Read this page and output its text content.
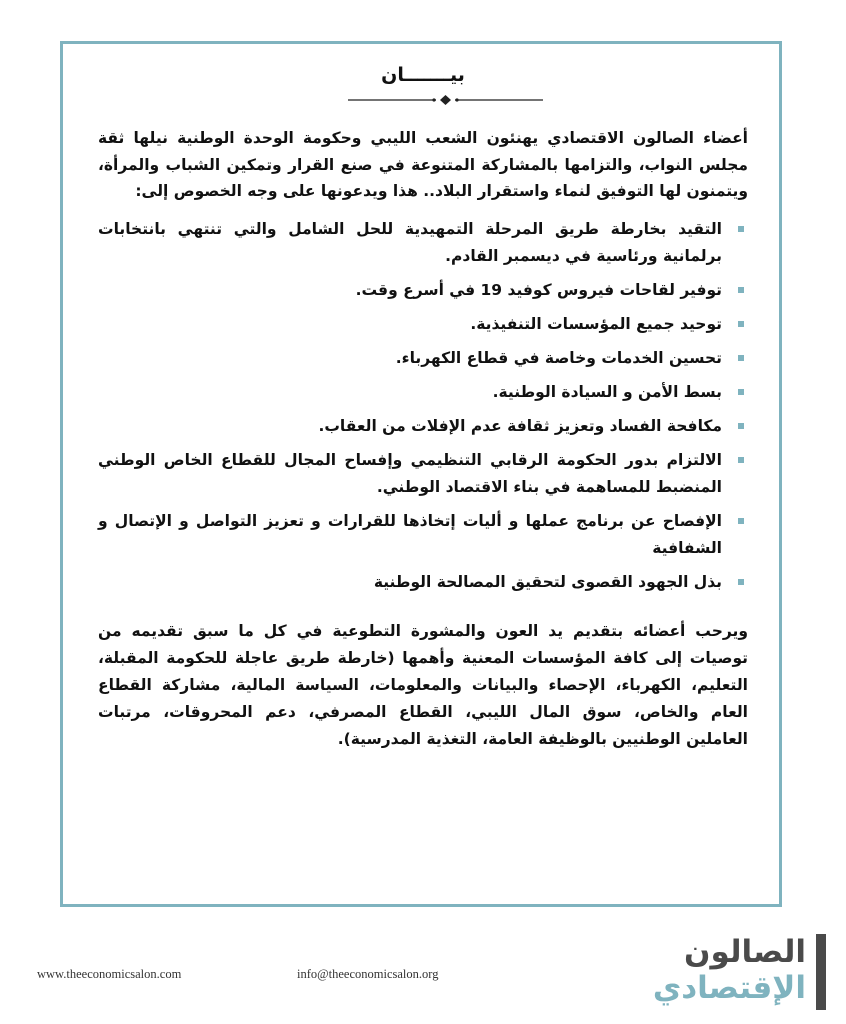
بيـــــــان

أعضاء الصالون الاقتصادي يهنئون الشعب الليبي وحكومة الوحدة الوطنية نيلها ثقة مجلس النواب، والتزامها بالمشاركة المتنوعة في صنع القرار وتمكين الشباب والمرأة، ويتمنون لها التوفيق لنماء واستقرار البلاد.. هذا ويدعونها على وجه الخصوص إلى:

التقيد بخارطة طريق المرحلة التمهيدية للحل الشامل والتي تنتهي بانتخابات برلمانية ورئاسية في ديسمبر القادم.
توفير لقاحات فيروس كوفيد 19 في أسرع وقت.
توحيد جميع المؤسسات التنفيذية.
تحسين الخدمات وخاصة في قطاع الكهرباء.
بسط الأمن و السيادة الوطنية.
مكافحة الفساد وتعزيز ثقافة عدم الإفلات من العقاب.
الالتزام بدور الحكومة الرقابي التنظيمي وإفساح المجال للقطاع الخاص الوطني المنضبط للمساهمة في بناء الاقتصاد الوطني.
الإفصاح عن برنامج عملها و أليات إتخاذها للقرارات و تعزيز التواصل و الإتصال و الشفافية
بذل الجهود القصوى لتحقيق المصالحة الوطنية

ويرحب أعضائه بتقديم يد العون والمشورة التطوعية في كل ما سبق تقديمه من توصيات إلى كافة المؤسسات المعنية وأهمها (خارطة طريق عاجلة للحكومة المقبلة، التعليم، الكهرباء، الإحصاء والبيانات والمعلومات، السياسة المالية، مشاركة القطاع العام والخاص، سوق المال الليبي، القطاع المصرفي، دعم المحروقات، مرتبات العاملين الوطنيين بالوظيفة العامة، التغذية المدرسية).

www.theeconomicsalon.com	info@theeconomicsalon.org
الصالون
الإقتصادي
